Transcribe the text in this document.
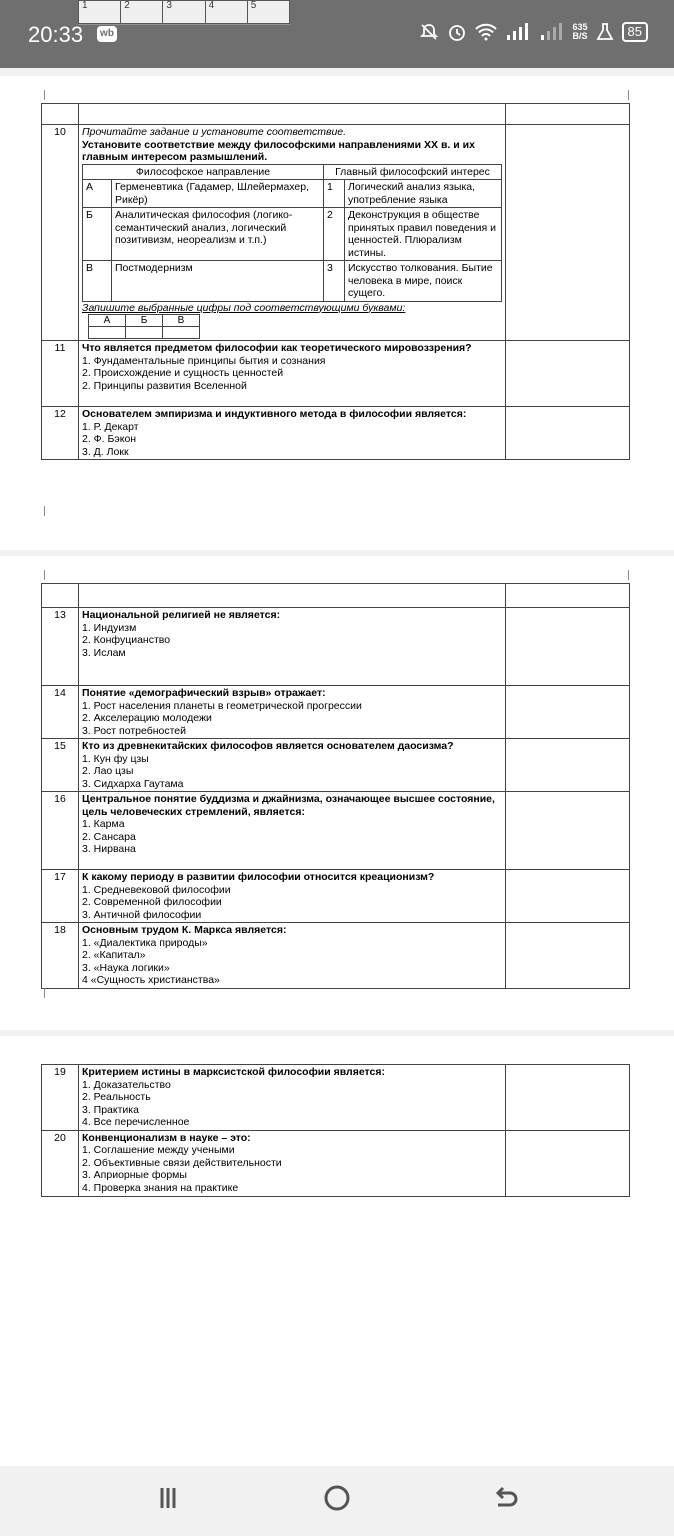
1	2	3	4	5
20:33	wb
635
B/S	85

10	Прочитайте задание и установите соответствие.
Установите соответствие между философскими направлениями XX в. и их главным интересом размышлений.
Философское направление	Главный философский интерес
А	Герменевтика (Гадамер, Шлейермахер, Рикёр)	1	Логический анализ языка, употребление языка
Б	Аналитическая философия (логико-семантический анализ, логический позитивизм, неореализм и т.п.)	2	Деконструкция в обществе принятых правил поведения и ценностей. Плюрализм истины.
В	Постмодернизм	3	Искусство толкования. Бытие человека в мире, поиск сущего.
Запишите выбранные цифры под соответствующими буквами:
А	Б	В

11	Что является предметом философии как теоретического мировоззрения?
1. Фундаментальные принципы бытия и сознания
2. Происхождение и сущность ценностей
2. Принципы развития Вселенной

12	Основателем эмпиризма и индуктивного метода в философии является:
1. Р. Декарт
2. Ф. Бэкон
3. Д. Локк

13	Национальной религией не является:
1. Индуизм
2. Конфуцианство
3. Ислам	

14	Понятие «демографический взрыв» отражает:
1. Рост населения планеты в геометрической прогрессии
2. Акселерацию молодежи
3. Рост потребностей	

15	Кто из древнекитайских философов является основателем даосизма?
1. Кун фу цзы
2. Лао цзы
3. Сидхарха Гаутама	

16	Центральное понятие буддизма и джайнизма, означающее высшее состояние, цель человеческих стремлений, является:
1. Карма
2. Сансара
3. Нирвана	

17	К какому периоду в развитии философии относится креационизм?
1. Средневековой философии
2. Современной философии
3. Античной философии	

18	Основным трудом К. Маркса является:
1. «Диалектика природы»
2. «Капитал»
3. «Наука логики»
4 «Сущность христианства»	

19	Критерием истины в марксистской философии является:
1. Доказательство
2. Реальность
3. Практика
4. Все перечисленное	

20	Конвенционализм в науке – это:
1. Соглашение между учеными
2. Объективные связи действительности
3. Априорные формы
4. Проверка знания на практике	
